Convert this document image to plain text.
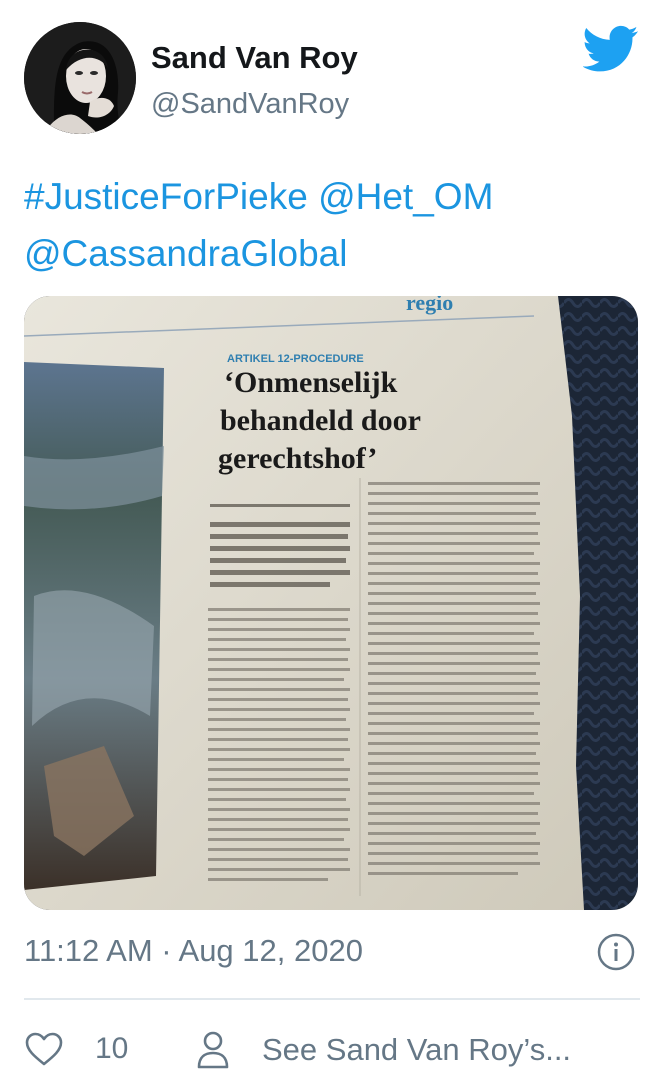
Sand Van Roy
@SandVanRoy
#JusticeForPieke @Het_OM
@CassandraGlobal
regio
ARTIKEL 12-PROCEDURE
‘Onmenselijk
behandeld door
gerechtshof’
11:12 AM · Aug 12, 2020
10	See Sand Van Roy’s...
